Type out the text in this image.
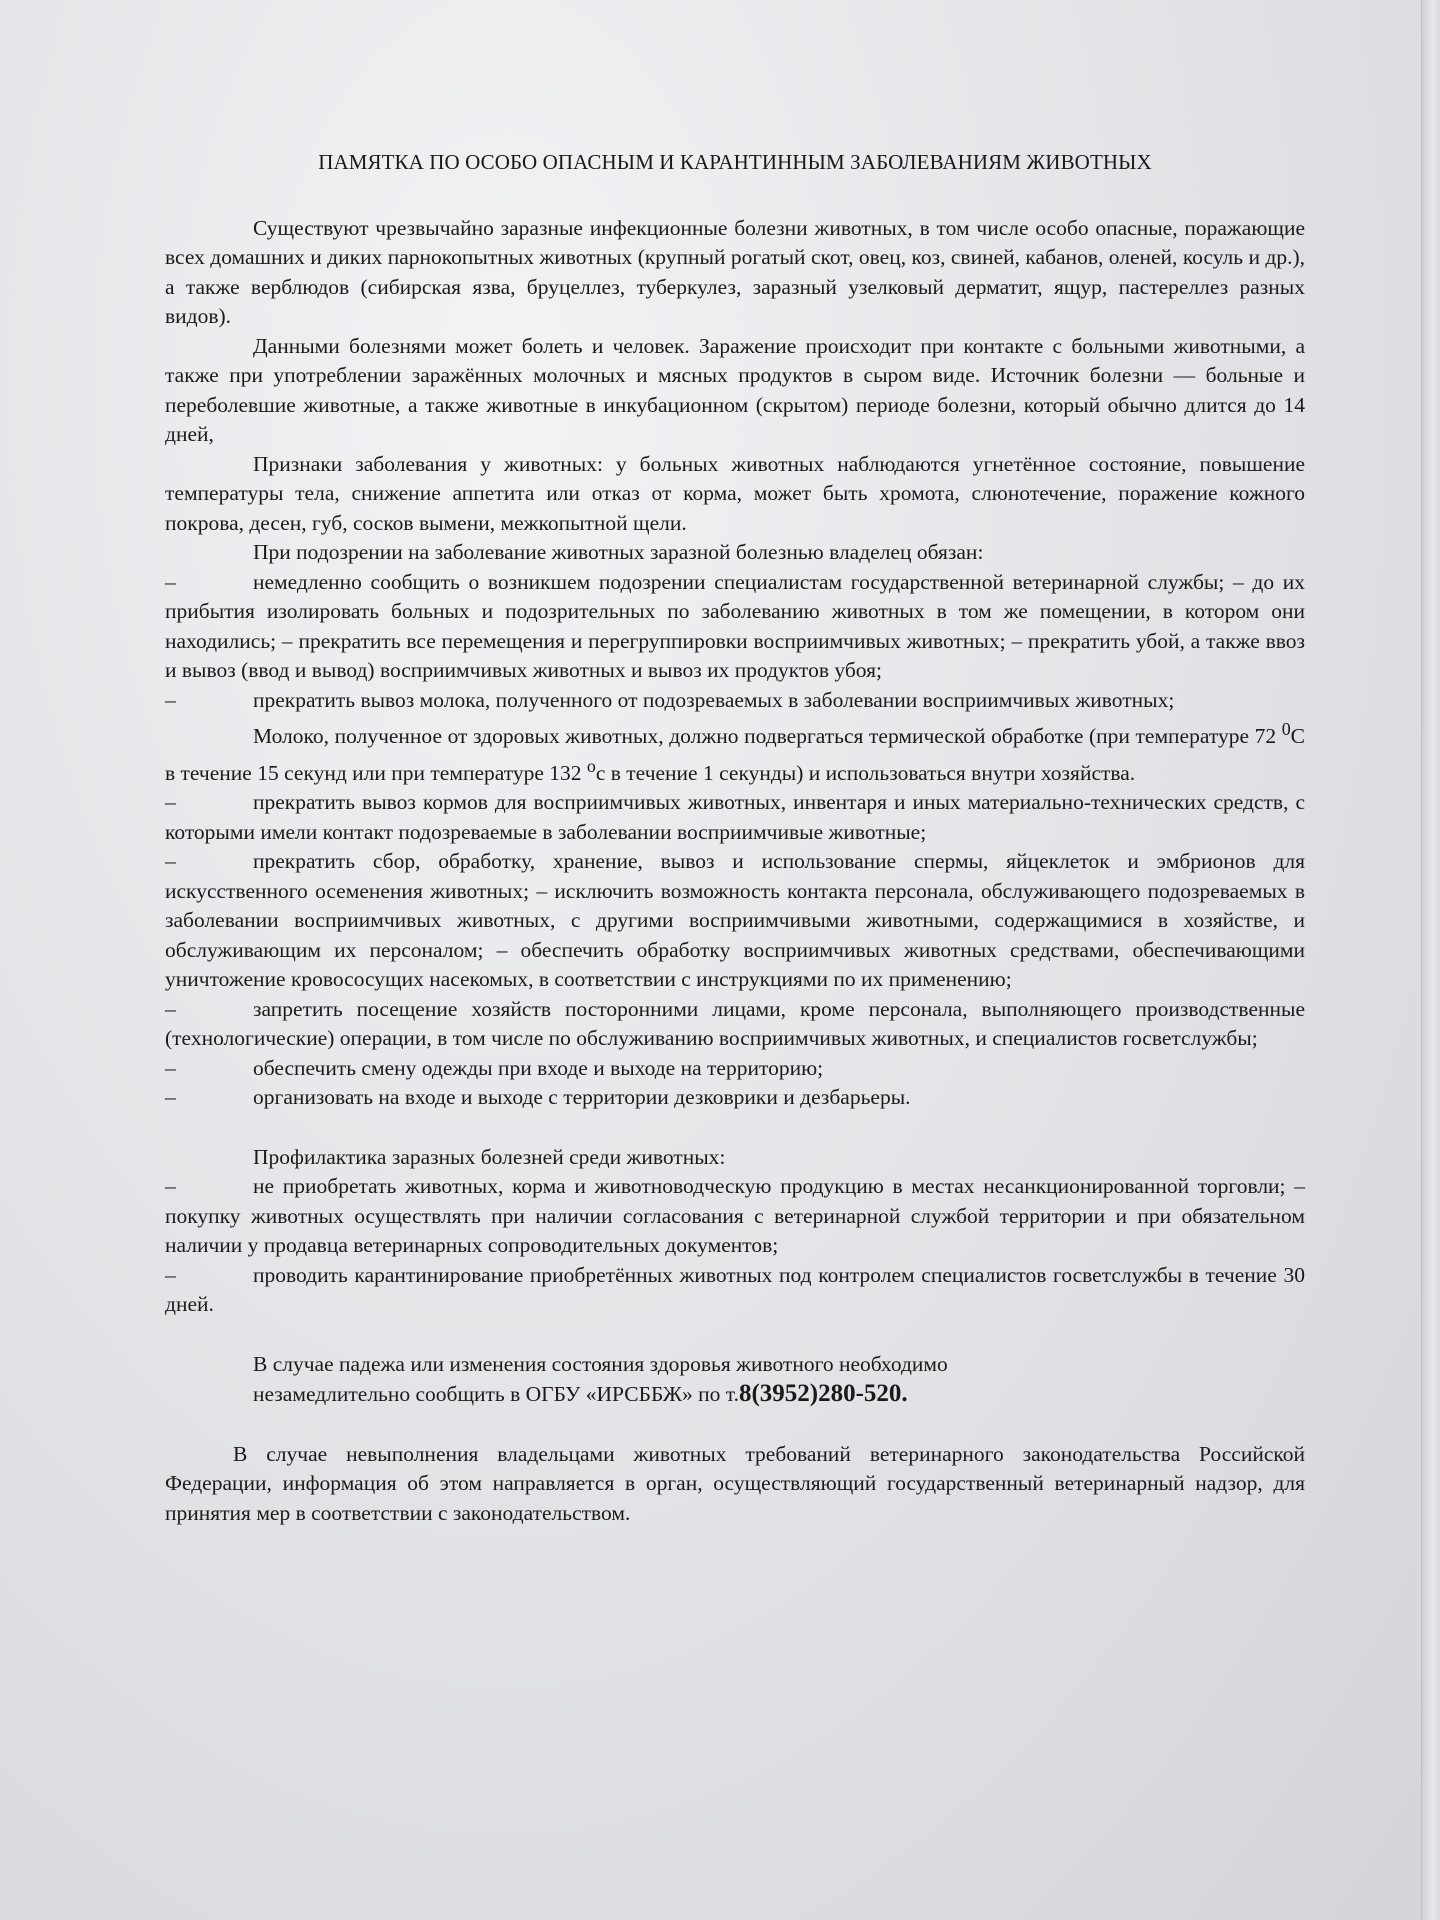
ПАМЯТКА ПО ОСОБО ОПАСНЫМ И КАРАНТИННЫМ ЗАБОЛЕВАНИЯМ ЖИВОТНЫХ

Существуют чрезвычайно заразные инфекционные болезни животных, в том числе особо опасные, поражающие всех домашних и диких парнокопытных животных (крупный рогатый скот, овец, коз, свиней, кабанов, оленей, косуль и др.), а также верблюдов (сибирская язва, бруцеллез, туберкулез, заразный узелковый дерматит, ящур, пастереллез разных видов).

Данными болезнями может болеть и человек. Заражение происходит при контакте с больными животными, а также при употреблении заражённых молочных и мясных продуктов в сыром виде. Источник болезни — больные и переболевшие животные, а также животные в инкубационном (скрытом) периоде болезни, который обычно длится до 14 дней,

Признаки заболевания у животных: у больных животных наблюдаются угнетённое состояние, повышение температуры тела, снижение аппетита или отказ от корма, может быть хромота, слюнотечение, поражение кожного покрова, десен, губ, сосков вымени, межкопытной щели.

При подозрении на заболевание животных заразной болезнью владелец обязан:

–	немедленно сообщить о возникшем подозрении специалистам государственной ветеринарной службы; – до их прибытия изолировать больных и подозрительных по заболеванию животных в том же помещении, в котором они находились; – прекратить все перемещения и перегруппировки восприимчивых животных; – прекратить убой, а также ввоз и вывоз (ввод и вывод) восприимчивых животных и вывоз их продуктов убоя;

–	прекратить вывоз молока, полученного от подозреваемых в заболевании восприимчивых животных;

Молоко, полученное от здоровых животных, должно подвергаться термической обработке (при температуре 72 $^0$С в течение 15 секунд или при температуре 132 $^о$с в течение 1 секунды) и использоваться внутри хозяйства.

–	прекратить вывоз кормов для восприимчивых животных, инвентаря и иных материально-технических средств, с которыми имели контакт подозреваемые в заболевании восприимчивые животные;

–	прекратить сбор, обработку, хранение, вывоз и использование спермы, яйцеклеток и эмбрионов для искусственного осеменения животных; – исключить возможность контакта персонала, обслуживающего подозреваемых в заболевании восприимчивых животных, с другими восприимчивыми животными, содержащимися в хозяйстве, и обслуживающим их персоналом; – обеспечить обработку восприимчивых животных средствами, обеспечивающими уничтожение кровососущих насекомых, в соответствии с инструкциями по их применению;

–	запретить посещение хозяйств посторонними лицами, кроме персонала, выполняющего производственные (технологические) операции, в том числе по обслуживанию восприимчивых животных, и специалистов госветслужбы;

–	обеспечить смену одежды при входе и выходе на территорию;

–	организовать на входе и выходе с территории дезковрики и дезбарьеры.

Профилактика заразных болезней среди животных:

–	не приобретать животных, корма и животноводческую продукцию в местах несанкционированной торговли; – покупку животных осуществлять при наличии согласования с ветеринарной службой территории и при обязательном наличии у продавца ветеринарных сопроводительных документов;

–	проводить карантинирование приобретённых животных под контролем специалистов госветслужбы в течение 30 дней.

В случае падежа или изменения состояния здоровья животного необходимо

незамедлительно сообщить в ОГБУ «ИРСББЖ» по т.8(3952)280-520.

В случае невыполнения владельцами животных требований ветеринарного законодательства Российской Федерации, информация об этом направляется в орган, осуществляющий государственный ветеринарный надзор, для принятия мер в соответствии с законодательством.
